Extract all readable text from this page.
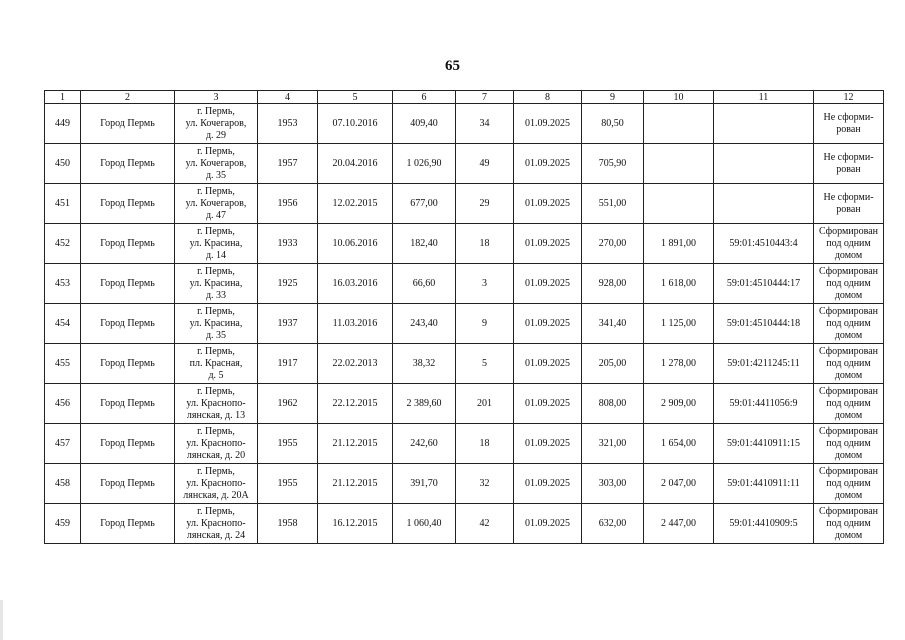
65
1	2	3	4	5	6	7	8	9	10	11	12
449	Город Пермь	г. Пермь,
ул. Кочегаров,
д. 29	1953	07.10.2016	409,40	34	01.09.2025	80,50			Не сформи-
рован

450	Город Пермь	г. Пермь,
ул. Кочегаров,
д. 35	1957	20.04.2016	1 026,90	49	01.09.2025	705,90			Не сформи-
рован

451	Город Пермь	г. Пермь,
ул. Кочегаров,
д. 47	1956	12.02.2015	677,00	29	01.09.2025	551,00			Не сформи-
рован

452	Город Пермь	г. Пермь,
ул. Красина,
д. 14	1933	10.06.2016	182,40	18	01.09.2025	270,00	1 891,00	59:01:4510443:4	Сформирован
под одним
домом

453	Город Пермь	г. Пермь,
ул. Красина,
д. 33	1925	16.03.2016	66,60	3	01.09.2025	928,00	1 618,00	59:01:4510444:17	Сформирован
под одним
домом

454	Город Пермь	г. Пермь,
ул. Красина,
д. 35	1937	11.03.2016	243,40	9	01.09.2025	341,40	1 125,00	59:01:4510444:18	Сформирован
под одним
домом

455	Город Пермь	г. Пермь,
пл. Красная,
д. 5	1917	22.02.2013	38,32	5	01.09.2025	205,00	1 278,00	59:01:4211245:11	Сформирован
под одним
домом

456	Город Пермь	г. Пермь,
ул. Краснопо-
лянская, д. 13	1962	22.12.2015	2 389,60	201	01.09.2025	808,00	2 909,00	59:01:4411056:9	Сформирован
под одним
домом

457	Город Пермь	г. Пермь,
ул. Краснопо-
лянская, д. 20	1955	21.12.2015	242,60	18	01.09.2025	321,00	1 654,00	59:01:4410911:15	Сформирован
под одним
домом

458	Город Пермь	г. Пермь,
ул. Краснопо-
лянская, д. 20А	1955	21.12.2015	391,70	32	01.09.2025	303,00	2 047,00	59:01:4410911:11	Сформирован
под одним
домом

459	Город Пермь	г. Пермь,
ул. Краснопо-
лянская, д. 24	1958	16.12.2015	1 060,40	42	01.09.2025	632,00	2 447,00	59:01:4410909:5	Сформирован
под одним
домом
